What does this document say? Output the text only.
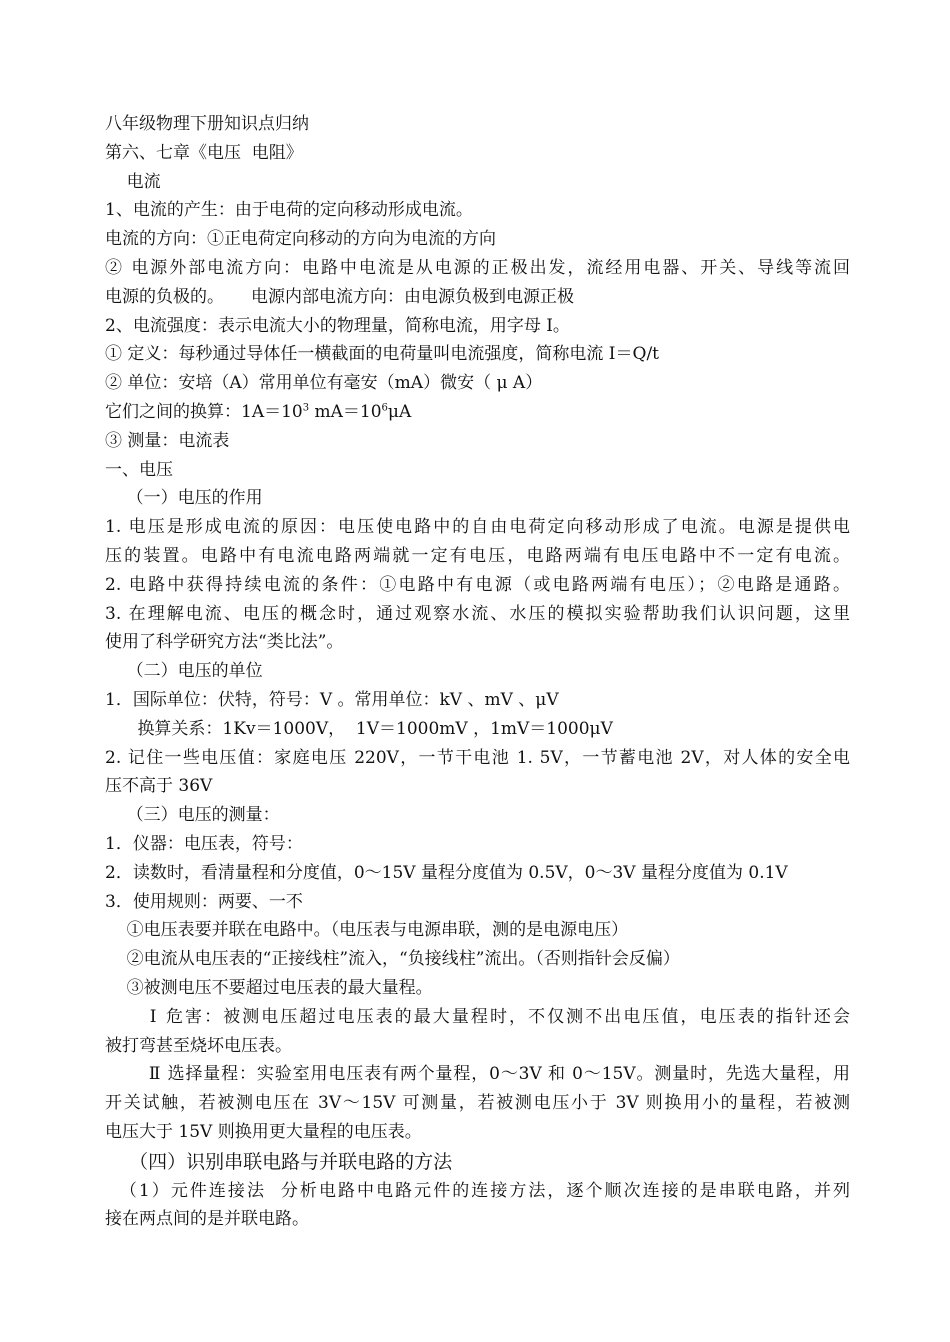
八年级物理下册知识点归纳

第六、七章《电压  电阻》

电流

1、电流的产生：由于电荷的定向移动形成电流。

电流的方向：①正电荷定向移动的方向为电流的方向

② 电源外部电流方向：电路中电流是从电源的正极出发，流经用电器、开关、导线等流回

电源的负极的。     电源内部电流方向：由电源负极到电源正极

2、电流强度：表示电流大小的物理量，简称电流，用字母 I。

① 定义：每秒通过导体任一横截面的电荷量叫电流强度，简称电流 I＝Q/t

② 单位：安培（A）常用单位有毫安（mA）微安（ μ A）

它们之间的换算：$1A=10^3$ $mA=10^6\mu A$

③ 测量：电流表

一、电压

（一）电压的作用

1. 电压是形成电流的原因：电压使电路中的自由电荷定向移动形成了电流。电源是提供电

压的装置。电路中有电流电路两端就一定有电压，电路两端有电压电路中不一定有电流。

2. 电路中获得持续电流的条件：①电路中有电源（或电路两端有电压）；②电路是通路。

3. 在理解电流、电压的概念时，通过观察水流、水压的模拟实验帮助我们认识问题，这里

使用了科学研究方法“类比法”。

（二）电压的单位

1．国际单位：伏特，符号：V 。常用单位：kV 、mV 、μV

换算关系：1Kv＝1000V，  1V＝1000mV ，1mV＝1000μV

2. 记住一些电压值：家庭电压 220V，一节干电池 1. 5V，一节蓄电池 2V，对人体的安全电

压不高于 36V

（三）电压的测量：

1．仪器：电压表，符号：

2．读数时，看清量程和分度值，0～15V 量程分度值为 0.5V，0～3V 量程分度值为 0.1V

3．使用规则：两要、一不

①电压表要并联在电路中。（电压表与电源串联，测的是电源电压）

②电流从电压表的“正接线柱”流入，“负接线柱”流出。（否则指针会反偏）

③被测电压不要超过电压表的最大量程。

Ⅰ 危害：被测电压超过电压表的最大量程时，不仅测不出电压值，电压表的指针还会

被打弯甚至烧坏电压表。

Ⅱ 选择量程：实验室用电压表有两个量程，0～3V 和 0～15V。测量时，先选大量程，用

开关试触，若被测电压在 3V～15V 可测量，若被测电压小于 3V 则换用小的量程，若被测

电压大于 15V 则换用更大量程的电压表。

（四）识别串联电路与并联电路的方法

（1）元件连接法  分析电路中电路元件的连接方法，逐个顺次连接的是串联电路，并列

接在两点间的是并联电路。
